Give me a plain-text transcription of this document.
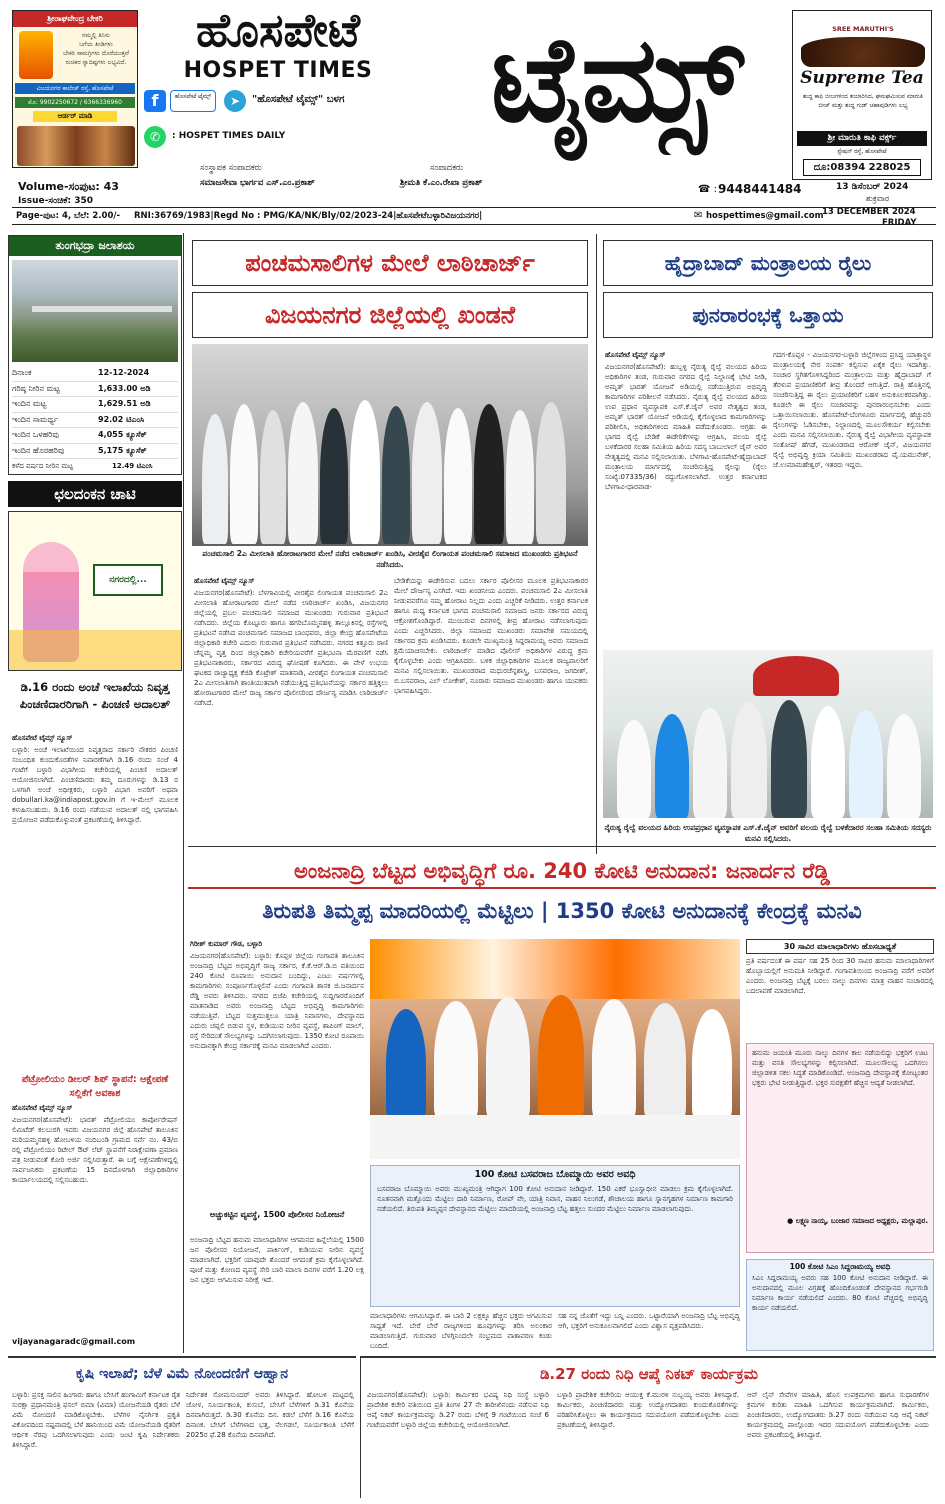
ಶ್ರೀರಾಘವೇಂದ್ರ ಬೇಕರಿ
ನಮ್ಮಲ್ಲಿ ತಿನಿಸು
ಬಗೆಯ ತಿಂಡಿಗಳು
ಬೇಕರಿ ಸಾಮಗ್ರಿಗಳು ದೊರೆಯುತ್ತವೆ
ರುಚಿಕರ ಸ್ವಾದಿಷ್ಟಗಳು ಲಭ್ಯವಿದೆ.
ವಿಜಯನಗರ ಕಾಲೇಜ್ ರಸ್ತೆ, ಹೊಸಪೇಟೆ
ಮೊ: 9902250672 / 6366336960
ಆರ್ಡರ್ ಮಾಡಿ
ಹೊಸಪೇಟೆ
HOSPET TIMES
f	ಹೊಸಪೇಟೆ ಟೈಮ್ಸ್	➤	"ಹೊಸಪೇಟೆ ಟೈಮ್ಸ್" ಬಳಗ
✆	: HOSPET TIMES DAILY	ಟೈಮ್ಸ್	SREE MARUTHI'S
Supreme Tea
ಶುದ್ಧ ಕಾಫಿ ಬೀಜಗಳಿಂದ ತಯಾರಿಸಿದ, ಘಮಘಮಿಸುವ ಮಾರುತಿ ಬೀಜ್ ಮತ್ತು ಶುದ್ಧ ಗುಡ್ ಚಹಾಪುಡಿಗಳು ಲಭ್ಯ
ಶ್ರೀ ಮಾರುತಿ ಕಾಫಿ ವರ್ಕ್ಸ್
ಸ್ಟೇಷನ್ ರಸ್ತೆ, ಹೊಸಪೇಟೆ
ದೂ:08394 228025
ಸಂಸ್ಥಾಪಕ ಸಂಪಾದಕರು
ಸಮಾಜಸೇವಾ ಭಾರ್ಗವ ಎಸ್.ಎಂ.ಪ್ರಕಾಶ್
ಸಂಪಾದಕರು
ಶ್ರೀಮತಿ ಕೆ.ಎಂ.ರೇಖಾ ಪ್ರಕಾಶ್
☎ : 9448441484
Volume-ಸಂಪುಟ: 43
Issue-ಸಂಚಿಕೆ: 350
13 ಡಿಸೆಂಬರ್ 2024
ಶುಕ್ರವಾರ
Page-ಪುಟ: 4, ಬೆಲೆ: 2.00/- RNI:36769/1983|Regd No : PMG/KA/NK/Bly/02/2023-24|ಹೊಸಪೇಟೆಬಳ್ಳಾರಿವಿಜಯನಗರ|	✉ hospettimes@gmail.com
13 DECEMBER 2024
FRIDAY
ತುಂಗಭದ್ರಾ ಜಲಾಶಯ
ದಿನಾಂಕ	12-12-2024
ಗರಿಷ್ಠ ನೀರಿನ ಮಟ್ಟ	1,633.00 ಅಡಿ
ಇಂದಿನ ಮಟ್ಟ	1,629.51 ಅಡಿ
ಇಂದಿನ ಸಾಮರ್ಥ್ಯ	92.02 ಟಿಎಂಸಿ
ಇಂದಿನ ಒಳಹರಿವು	4,055 ಕ್ಯೂಸೆಕ್
ಇಂದಿನ ಹೊರಹರಿವು	5,175 ಕ್ಯೂಸೆಕ್
ಕಳೆದ ವರ್ಷದ ನೀರಿನ ಮಟ್ಟ	12.49 ಟಿಎಂಸಿ
ಛಲದಂಕನ ಚಾಟಿ
ನಗರದಲ್ಲಿ...
ಡಿ.16 ರಂದು ಅಂಚೆ ಇಲಾಖೆಯ ನಿವೃತ್ತ ಪಿಂಚಣಿದಾರರಿಗಾಗಿ - ಪಿಂಚಣಿ ಅದಾಲತ್
ಹೊಸಪೇಟೆ ಟೈಮ್ಸ್ ನ್ಯೂಸ್
ಬಳ್ಳಾರಿ: ಅಂಚೆ ಇಲಾಖೆಯಿಂದ ನಿವೃತ್ತರಾದ ಸರ್ಕಾರಿ ನೌಕರರ ಪಿಂಚಣಿ ಸಂಬಂಧಿತ ಕುಂದುಕೊರತೆಗಳ ನಿವಾರಣೆಗಾಗಿ ಡಿ.16 ರಂದು ಸಂಜೆ 4 ಗಂಟೆಗೆ ಬಳ್ಳಾರಿ ವಿಭಾಗೀಯ ಕಚೇರಿಯಲ್ಲಿ ಪಿಂಚಣಿ ಅದಾಲತ್ ಆಯೋಜಿಸಲಾಗಿದೆ. ಪಿಂಚಣಿದಾರರು ತಮ್ಮ ದೂರುಗಳನ್ನು ಡಿ.13 ರ ಒಳಗಾಗಿ ಅಂಚೆ ಅಧೀಕ್ಷಕರು, ಬಳ್ಳಾರಿ ವಿಭಾಗ ಅವರಿಗೆ ಅಥವಾ dobullari.ka@indiapost.gov.in ಗೆ ಇ-ಮೇಲ್ ಮೂಲಕ ಕಳುಹಿಸಬಹುದು. ಡಿ.16 ರಂದು ನಡೆಯುವ ಅದಾಲತ್ ನಲ್ಲಿ ಭಾಗವಹಿಸಿ ಪ್ರಯೋಜನ ಪಡೆದುಕೊಳ್ಳುವಂತೆ ಪ್ರಕಟಣೆಯಲ್ಲಿ ತಿಳಿಸಿದ್ದಾರೆ.
ಪೆಟ್ರೋಲಿಯಂ ಡೀಲರ್ ಶಿಪ್ ಸ್ಥಾಪನೆ: ಆಕ್ಷೇಪಣೆ ಸಲ್ಲಿಕೆಗೆ ಅವಕಾಶ
ಹೊಸಪೇಟೆ ಟೈಮ್ಸ್ ನ್ಯೂಸ್
ವಿಜಯನಗರ(ಹೊಸಪೇಟೆ): ಭಾರತ್ ಪೆಟ್ರೋಲಿಯಂ ಕಾರ್ಪೋರೇಷನ್ ಲಿಮಿಟೆಡ್ ಕಲಬುರಗಿ ಇವರು ವಿಜಯನಗರ ಜಿಲ್ಲೆ ಹೊಸಪೇಟೆ ತಾಲೂಕಿನ ಮರಿಯಮ್ಮನಹಳ್ಳಿ ಹೋಬಳಿಯ ನಂದಿಬಂಡಿ ಗ್ರಾಮದ ಸರ್ವೆ ನಂ. 43/ಬಿ ರಲ್ಲಿ ಪೆಟ್ರೋಲಿಯಂ ರಿಟೇಲ್ ಔಟ್ ಲೆಟ್ ಸ್ಥಾಪನೆಗೆ ನಿರಾಕ್ಷೇಪಣಾ ಪ್ರಮಾಣ ಪತ್ರ ನೀಡುವಂತೆ ಕೋರಿ ಅರ್ಜಿ ಸಲ್ಲಿಸಿರುತ್ತಾರೆ. ಈ ಬಗ್ಗೆ ಆಕ್ಷೇಪಣೆಗಳಿದ್ದಲ್ಲಿ ಸಾರ್ವಜನಿಕರು ಪ್ರಕಟಣೆಯ 15 ದಿನದೊಳಗಾಗಿ ಜಿಲ್ಲಾಧಿಕಾರಿಗಳ ಕಾರ್ಯಾಲಯದಲ್ಲಿ ಸಲ್ಲಿಸಬಹುದು.
vijayanagaradc@gmail.com
ಪಂಚಮಸಾಲಿಗಳ ಮೇಲೆ ಲಾಠಿಚಾರ್ಜ್
ವಿಜಯನಗರ ಜಿಲ್ಲೆಯಲ್ಲಿ ಖಂಡನೆ
ಪಂಚಮಸಾಲಿ 2ಎ ಮೀಸಲಾತಿ ಹೋರಾಟಗಾರರ ಮೇಲೆ ನಡೆದ ಲಾಠಿಚಾರ್ಜ್ ಖಂಡಿಸಿ, ವೀರಶೈವ ಲಿಂಗಾಯತ ಪಂಚಮಸಾಲಿ ಸಮಾಜದ ಮುಖಂಡರು ಪ್ರತಿಭಟನೆ ನಡೆಸಿದರು.
ಹೊಸಪೇಟೆ ಟೈಮ್ಸ್ ನ್ಯೂಸ್
ವಿಜಯನಗರ(ಹೊಸಪೇಟೆ): ಬೆಳಗಾವಿಯಲ್ಲಿ ವೀರಶೈವ ಲಿಂಗಾಯತ ಪಂಚಮಸಾಲಿ 2ಎ ಮೀಸಲಾತಿ ಹೋರಾಟಗಾರರ ಮೇಲೆ ನಡೆದ ಲಾಠಿಚಾರ್ಜ್ ಖಂಡಿಸಿ, ವಿಜಯನಗರ ಜಿಲ್ಲೆಯಲ್ಲಿ ಪ್ರಬಲ ಪಂಚಮಸಾಲಿ ಸಮಾಜದ ಮುಖಂಡರು ಗುರುವಾರ ಪ್ರತಿಭಟನೆ ನಡೆಸಿದರು. ಜಿಲ್ಲೆಯ ಕೊಟ್ಟೂರು ಹಾಗೂ ಹಗರಿಬೊಮ್ಮನಹಳ್ಳಿ ತಾಲ್ಲೂಕಿನಲ್ಲಿ ರಸ್ತೆಗಳಲ್ಲಿ ಪ್ರತಿಭಟನೆ ನಡೆಸಿದ ಪಂಚಮಸಾಲಿ ಸಮಾಜದ ಬಾಂಧವರು, ಜಿಲ್ಲಾ ಕೇಂದ್ರ ಹೊಸಪೇಟೆಯ ಜಿಲ್ಲಾಧಿಕಾರಿ ಕಚೇರಿ ಎದುರು ಗುರುವಾರ ಪ್ರತಿಭಟನೆ ನಡೆಸಿದರು. ನಗರದ ಕಿತ್ತೂರು ರಾಣಿ ಚೆನ್ನಮ್ಮ ವೃತ್ತ ದಿಂದ ಜಿಲ್ಲಾಧಿಕಾರಿ ಕಚೇರಿಯವರೆಗೆ ಪ್ರತಿಭಟನಾ ಮೆರವಣಿಗೆ ನಡೆಸಿ ಪ್ರತಿಭಟನಾಕಾರರು, ಸರ್ಕಾರದ ವಿರುದ್ಧ ಘೋಷಣೆ ಕೂಗಿದರು. ಈ ವೇಳೆ ಉಭಯ ಘಟಕದ ರಾಜ್ಯಾಧ್ಯಕ್ಷ ಕೆಜಿಡಿ ಕೊಟ್ರೇಶ್ ಮಾತನಾಡಿ, ವೀರಶೈವ ಲಿಂಗಾಯತ ಪಂಚಮಸಾಲಿ 2ಎ ಮೀಸಲಾತಿಗಾಗಿ ಶಾಂತಿಯುತವಾಗಿ ನಡೆಯುತ್ತಿದ್ದ ಪ್ರತಿಭಟನೆಯನ್ನು ಸರ್ಕಾರ ಹತ್ತಿಕ್ಕಲು ಹೋರಾಟಗಾರರ ಮೇಲೆ ರಾಜ್ಯ ಸರ್ಕಾರ ಪೊಲೀಸರಿಂದ ದೌರ್ಜನ್ಯ ಮಾಡಿಸಿ ಲಾಠಿಚಾರ್ಜ್ ನಡೆಸಿದೆ.
ಬೇಡಿಕೆಯನ್ನು ಈಡೇರಿಸುವ ಬದಲು ಸರ್ಕಾರ ಪೊಲೀಸರ ಮೂಲಕ ಪ್ರತಿಭಟನಾಕಾರರ ಮೇಲೆ ದೌರ್ಜನ್ಯ ಎಸಗಿದೆ. ಇದು ಖಂಡನೀಯ ಎಂದರು. ಪಂಚಮಸಾಲಿ 2ಎ ಮೀಸಲಾತಿ ನೀಡುವವರೆಗೂ ನಮ್ಮ ಹೋರಾಟ ನಿಲ್ಲದು ಎಂದು ಎಚ್ಚರಿಕೆ ನೀಡಿದರು. ಉತ್ತರ ಕರ್ನಾಟಕ ಹಾಗೂ ಮಧ್ಯ ಕರ್ನಾಟಕ ಭಾಗದ ಪಂಚಮಸಾಲಿ ಸಮಾಜದ ಜನರು ಸರ್ಕಾರದ ವಿರುದ್ಧ ಆಕ್ರೋಶಗೊಂಡಿದ್ದಾರೆ. ಮುಂಬರುವ ದಿನಗಳಲ್ಲಿ ತೀವ್ರ ಹೋರಾಟ ನಡೆಸಲಾಗುವುದು ಎಂದು ಎಚ್ಚರಿಸಿದರು. ಜಿಲ್ಲಾ ಸಮಾಜದ ಮುಖಂಡರು ಸಮಾವೇಶ ಸಮಯದಲ್ಲಿ ಸರ್ಕಾರದ ಕ್ರಮ ಖಂಡಿಸಿದರು. ಕೂಡಲೇ ಮುಖ್ಯಮಂತ್ರಿ ಸಿದ್ದರಾಮಯ್ಯ ಅವರು ಸಮಾಜದ ಕ್ಷಮೆಯಾಚಿಸಬೇಕು. ಲಾಠಿಚಾರ್ಜ್ ಮಾಡಿದ ಪೊಲೀಸ್ ಅಧಿಕಾರಿಗಳ ವಿರುದ್ಧ ಕ್ರಮ ಕೈಗೊಳ್ಳಬೇಕು ಎಂದು ಆಗ್ರಹಿಸಿದರು. ಬಳಿಕ ಜಿಲ್ಲಾಧಿಕಾರಿಗಳ ಮೂಲಕ ರಾಜ್ಯಪಾಲರಿಗೆ ಮನವಿ ಸಲ್ಲಿಸಲಾಯಿತು. ಮುಖಂಡರಾದ ಮಧುರಚೆನ್ನಶಾಸ್ತ್ರಿ, ಬಸವರಾಜ, ಜಗದೀಶ್, ಬಿ.ಬಸವರಾಜ, ಎಲ್ ಲೋಕೇಶ್, ನೂರಾರು ಸಮಾಜದ ಮುಖಂಡರು ಹಾಗೂ ಯುವಕರು ಭಾಗವಹಿಸಿದ್ದರು.
ಹೈದ್ರಾಬಾದ್ ಮಂತ್ರಾಲಯ ರೈಲು
ಪುನರಾರಂಭಕ್ಕೆ ಒತ್ತಾಯ
ಹೊಸಪೇಟೆ ಟೈಮ್ಸ್ ನ್ಯೂಸ್
ವಿಜಯನಗರ(ಹೊಸಪೇಟೆ): ಹುಬ್ಬಳ್ಳಿ ನೈರುತ್ಯ ರೈಲ್ವೆ ವಲಯದ ಹಿರಿಯ ಅಧಿಕಾರಿಗಳ ತಂಡ, ಗುರುವಾರ ನಗರದ ರೈಲ್ವೆ ನಿಲ್ದಾಣಕ್ಕೆ ಭೇಟಿ ನೀಡಿ, ಅಮೃತ್ ಭಾರತ್ ಯೋಜನೆ ಅಡಿಯಲ್ಲಿ ನಡೆಯುತ್ತಿರುವ ಅಭಿವೃದ್ಧಿ ಕಾಮಗಾರಿಗಳ ಪರಿಶೀಲನೆ ನಡೆಸಿದರು. ನೈರುತ್ಯ ರೈಲ್ವೆ ವಲಯದ ಹಿರಿಯ ಉಪ ಪ್ರಧಾನ ವ್ಯವಸ್ಥಾಪಕ ಎಸ್.ಕೆ.ಜೈನ್ ಅವರ ನೇತೃತ್ವದ ತಂಡ, ಅಮೃತ್ ಭಾರತ್ ಯೋಜನೆ ಅಡಿಯಲ್ಲಿ ಕೈಗೊಳ್ಳಲಾದ ಕಾಮಗಾರಿಗಳನ್ನು ಪರಿಶೀಲಿಸಿ, ಅಧಿಕಾರಿಗಳಿಂದ ಮಾಹಿತಿ ಪಡೆದುಕೊಂಡರು. ಆಗ್ರಹ: ಈ ಭಾಗದ ರೈಲ್ವೆ ಬೇಡಿಕೆ ಈಡೇರಿಕೆಗಳನ್ನು ಆಗ್ರಹಿಸಿ, ವಲಯ ರೈಲ್ವೆ ಬಳಕೆದಾರರ ಸಲಹಾ ಸಮಿತಿಯ ಹಿರಿಯ ಸದಸ್ಯ ಬಾಬುಲಾಲ್ ಜೈನ್ ಅವರ ನೇತೃತ್ವದಲ್ಲಿ ಮನವಿ ಸಲ್ಲಿಸಲಾಯಿತು. ಬೆಳಗಾವಿ-ಹೊಸಪೇಟೆ-ಹೈದ್ರಾಬಾದ್ ಮಂತ್ರಾಲಯ ಮಾರ್ಗದಲ್ಲಿ ಸಂಚರಿಸುತ್ತಿದ್ದ ರೈಲನ್ನು (ರೈಲು ಸಂಖ್ಯೆ:07335/36) ರದ್ದುಗೊಳಿಸಲಾಗಿದೆ. ಉತ್ತರ ಕರ್ನಾಟಕದ ಬೆಳಗಾವಿ-ಧಾರವಾಡ-
ಗದಗ-ಕೊಪ್ಪಳ - ವಿಜಯನಗರ-ಬಳ್ಳಾರಿ ಜಿಲ್ಲೆಗಳಿಂದ ಪ್ರಸಿದ್ಧ ಯಾತ್ರಾಸ್ಥಳ ಮಂತ್ರಾಲಯಕ್ಕೆ ನೇರ ಸಂಪರ್ಕ ಕಲ್ಪಿಸುವ ಏಕೈಕ ರೈಲು ಇದಾಗಿತ್ತು. ಸಂಚಾರ ಸ್ಥಗಿತಗೊಳಿಸಿದ್ದರಿಂದ ಮಂತ್ರಾಲಯ ಮತ್ತು ಹೈದ್ರಾಬಾದ್ ಗೆ ತೆರಳುವ ಪ್ರಯಾಣಿಕರಿಗೆ ತೀವ್ರ ತೊಂದರೆ ಆಗುತ್ತಿದೆ. ರಾತ್ರಿ ಹೊತ್ತಿನಲ್ಲಿ ಸಂಚರಿಸುತ್ತಿದ್ದ ಈ ರೈಲು ಪ್ರಯಾಣಿಕರಿಗೆ ಬಹಳ ಅನುಕೂಲಕರವಾಗಿತ್ತು. ಕೂಡಲೇ ಈ ರೈಲು ಸಂಚಾರವನ್ನು ಪುನರಾರಂಭಿಸಬೇಕು ಎಂದು ಒತ್ತಾಯಿಸಲಾಯಿತು. ಹೊಸಪೇಟೆ-ಬೆಂಗಳೂರು ಮಾರ್ಗದಲ್ಲಿ ಹೆಚ್ಚುವರಿ ರೈಲುಗಳನ್ನು ಓಡಿಸಬೇಕು, ನಿಲ್ದಾಣದಲ್ಲಿ ಮೂಲಸೌಕರ್ಯ ಕಲ್ಪಿಸಬೇಕು ಎಂದು ಮನವಿ ಸಲ್ಲಿಸಲಾಯಿತು. ನೈರುತ್ಯ ರೈಲ್ವೆ ವಿಭಾಗೀಯ ವ್ಯವಸ್ಥಾಪಕ ಸಂತೋಷ್ ಹೆಗಡೆ, ಮುಖಂಡರಾದ ಆರೋಕ್ ಜೈನ್, ವಿಜಯನಗರ ರೈಲ್ವೆ ಅಭಿವೃದ್ಧಿ ಕ್ರಿಯಾ ಸಮಿತಿಯ ಮುಖಂಡರಾದ ವೈ.ಯಮುನೇಶ್, ಜೆ.ಉಮಾಮಹೇಶ್ವರ್, ಇತರರು ಇದ್ದರು.
ನೈರುತ್ಯ ರೈಲ್ವೆ ವಲಯದ ಹಿರಿಯ ಉಪಪ್ರಧಾನ ವ್ಯವಸ್ಥಾಪಕ ಎಸ್.ಕೆ.ಜೈನ್ ಅವರಿಗೆ ವಲಯ ರೈಲ್ವೆ ಬಳಕೆದಾರರ ಸಲಹಾ ಸಮಿತಿಯ ಸದಸ್ಯರು ಮನವಿ ಸಲ್ಲಿಸಿದರು.
ಅಂಜನಾದ್ರಿ ಬೆಟ್ಟದ ಅಭಿವೃದ್ಧಿಗೆ ರೂ. 240 ಕೋಟಿ ಅನುದಾನ: ಜನಾರ್ದನ ರೆಡ್ಡಿ
ತಿರುಪತಿ ತಿಮ್ಮಪ್ಪ ಮಾದರಿಯಲ್ಲಿ ಮೆಟ್ಟಿಲು | 1350 ಕೋಟಿ ಅನುದಾನಕ್ಕೆ ಕೇಂದ್ರಕ್ಕೆ ಮನವಿ
ಗಿರೀಶ್ ಕುಮಾರ್ ಗೌಡ, ಬಳ್ಳಾರಿ
ವಿಜಯನಗರ(ಹೊಸಪೇಟೆ): ಬಳ್ಳಾರಿ: ಕೊಪ್ಪಳ ಜಿಲ್ಲೆಯ ಗಂಗಾವತಿ ತಾಲೂಕಿನ ಅಂಜನಾದ್ರಿ ಬೆಟ್ಟದ ಅಭಿವೃದ್ಧಿಗೆ ರಾಜ್ಯ ಸರ್ಕಾರ, ಕೆ.ಕೆ.ಆರ್.ಡಿ.ಬಿ ವತಿಯಿಂದ 240 ಕೋಟಿ ರೂಪಾಯಿ ಅನುದಾನ ಬಂದಿದ್ದು, ಎಂಟು ವರ್ಷಗಳಲ್ಲಿ ಕಾಮಗಾರಿಗಳು ಸಂಪೂರ್ಣಗೊಳ್ಳಲಿವೆ ಎಂದು ಗಂಗಾವತಿ ಶಾಸಕ ಜಿ.ಜನಾರ್ದನ ರೆಡ್ಡಿ ಅವರು ತಿಳಿಸಿದರು. ನಗರದ ಬಿಜೆಪಿ ಕಚೇರಿಯಲ್ಲಿ ಸುದ್ದಿಗಾರರೊಂದಿಗೆ ಮಾತನಾಡಿದ ಅವರು ಅಂಜನಾದ್ರಿ ಬೆಟ್ಟದ ಅಭಿವೃದ್ಧಿ ಕಾಮಗಾರಿಗಳು ನಡೆಯುತ್ತಿವೆ. ಬೆಟ್ಟದ ಸುತ್ತಮುತ್ತಲೂ ಯಾತ್ರಿ ನಿವಾಸಗಳು, ದೇವಸ್ಥಾನದ ಎದುರು ಚಪ್ಪಲಿ ಬಿಡುವ ಸ್ಥಳ, ಕುಡಿಯುವ ನೀರಿನ ವ್ಯವಸ್ಥೆ, ಶಾಪಿಂಗ್ ಮಾಲ್, ರಸ್ತೆ ಸೇರಿದಂತೆ ಸೌಲಭ್ಯಗಳನ್ನು ಒದಗಿಸಲಾಗುವುದು. 1350 ಕೋಟಿ ರೂಪಾಯಿ ಅನುದಾನಕ್ಕಾಗಿ ಕೇಂದ್ರ ಸರ್ಕಾರಕ್ಕೆ ಮನವಿ ಮಾಡಲಾಗಿದೆ ಎಂದರು.
ಅಚ್ಚುಕಟ್ಟಿನ ವ್ಯವಸ್ಥೆ, 1500 ಪೊಲೀಸರ ನಿಯೋಜನೆ
ಅಂಜನಾದ್ರಿ ಬೆಟ್ಟದ ಹನುಮ ಮಾಲಾಧಾರಿಗಳ ಆಗಮನದ ಹಿನ್ನೆಲೆಯಲ್ಲಿ 1500 ಜನ ಪೊಲೀಸರ ನಿಯೋಜನೆ, ಪಾರ್ಕಿಂಗ್, ಕುಡಿಯುವ ನೀರಿನ ವ್ಯವಸ್ಥೆ ಮಾಡಲಾಗಿದೆ. ಭಕ್ತರಿಗೆ ಯಾವುದೇ ತೊಂದರೆ ಆಗದಂತೆ ಕ್ರಮ ಕೈಗೊಳ್ಳಲಾಗಿದೆ. ಪೂಜೆ ಮತ್ತು ಕೋಣದ ವ್ಯವಸ್ಥೆ ಸೇರಿ ಬಾರಿ ಮಾಲಾ ದಿನಗಳ ವರೆಗೆ 1.20 ಲಕ್ಷ ಜನ ಭಕ್ತರು ಆಗಮಿಸುವ ನಿರೀಕ್ಷೆ ಇದೆ.
100 ಕೋಟಿ ಬಸವರಾಜ ಬೊಮ್ಮಾಯಿ ಅವರ ಅವಧಿ
ಬಸವರಾಜ ಬೊಮ್ಮಾಯಿ ಅವರು ಮುಖ್ಯಮಂತ್ರಿ ಆಗಿದ್ದಾಗ 100 ಕೋಟಿ ಅನುದಾನ ನೀಡಿದ್ದಾರೆ. 150 ಎಕರೆ ಭೂಸ್ವಾಧೀನ ಮಾಡಲು ಕ್ರಮ ಕೈಗೊಳ್ಳಲಾಗಿದೆ. ನೂತನವಾಗಿ ಮತ್ತೊಂದು ಮೆಟ್ಟಿಲು ದಾರಿ ನಿರ್ಮಾಣ, ರೋಪ್ ವೇ, ಯಾತ್ರಿ ನಿವಾಸ, ವಾಹನ ನಿಲುಗಡೆ, ಶೌಚಾಲಯ ಹಾಗೂ ಸ್ನಾನಗೃಹಗಳ ನಿರ್ಮಾಣ ಕಾಮಗಾರಿ ನಡೆಯಲಿದೆ. ತಿರುಪತಿ ತಿಮ್ಮಪ್ಪನ ದೇವಸ್ಥಾನದ ಮೆಟ್ಟಿಲು ಮಾದರಿಯಲ್ಲಿ ಅಂಜನಾದ್ರಿ ಬೆಟ್ಟ ಹತ್ತಲು ಸುಂದರ ಮೆಟ್ಟಿಲು ನಿರ್ಮಾಣ ಮಾಡಲಾಗುವುದು.
ಮಾಲಾಧಾರಿಗಳು ಆಗಮಿಸಿದ್ದಾರೆ. ಈ ಬಾರಿ 2 ಲಕ್ಷಕ್ಕೂ ಹೆಚ್ಚಿನ ಭಕ್ತರು ಆಗಮಿಸುವ ಸಾಧ್ಯತೆ ಇದೆ. ಬೇರೆ ಬೇರೆ ರಾಜ್ಯಗಳಿಂದ ಹೂವುಗಳನ್ನು ತರಿಸಿ ಅಲಂಕಾರ ಮಾಡಲಾಗುತ್ತಿದೆ. ಗುರುವಾರ ಬೆಳಗ್ಗಿನಿಂದಲೇ ಸಂಭ್ರಮದ ವಾತಾವರಣ ಕಂಡು ಬಂದಿದೆ.
ಸಹ ನನ್ನ ಜೊತೆಗೆ ಇದ್ದು ಬನ್ನಿ ಎಂದರು. ಒಟ್ಟಾರೆಯಾಗಿ ಅಂಜನಾದ್ರಿ ಬೆಟ್ಟ ಅಭಿವೃದ್ಧಿ ಆಗಿ, ಭಕ್ತರಿಗೆ ಅನುಕೂಲವಾಗಲಿದೆ ಎಂದು ವಿಶ್ವಾಸ ವ್ಯಕ್ತಪಡಿಸಿದರು.
30 ಸಾವಿರ ಮಾಲಾಧಾರಿಗಳು ಹೊಸಬಾಧ್ಯತೆ
ಪ್ರತಿ ವರ್ಷದಂತೆ ಈ ವರ್ಷ ಸಹ 25 ರಿಂದ 30 ಸಾವಿರ ಹನುಮ ಮಾಲಾಧಾರಿಗಳಿಗೆ ಹೊಬ್ಬಾಯಲ್ಲಿಗೆ ಅನುಮತಿ ನೀಡಿದ್ದಾರೆ. ಗಂಗಾವತಿಯಿಂದ ಅಂಜನಾದ್ರಿ ವರೆಗೆ ಅವರಿಗೆ ಎಂದರು. ಅಂಜನಾದ್ರಿ ಬೆಟ್ಟಕ್ಕೆ ಬರಲು ನಾಲ್ಕು ದಿನಗಳು ಮಾತ್ರ ವಾಹನ ಸಂಚಾರದಲ್ಲಿ ಬದಲಾವಣೆ ಮಾಡಲಾಗಿದೆ.
ಹನುಮ ಜಯಂತಿ ಮೂರು ನಾಲ್ಕು ದಿನಗಳ ಕಾಲ ನಡೆಯಲಿದ್ದು ಭಕ್ತರಿಗೆ ಊಟ ಮತ್ತು ವಸತಿ ಸೌಲಭ್ಯಗಳನ್ನು ಕಲ್ಪಿಸಲಾಗಿದೆ. ಮೂಲಸೌಲಭ್ಯ ಒದಗಿಸಲು ಜಿಲ್ಲಾಡಳಿತ ಸಕಲ ಸಿದ್ಧತೆ ಮಾಡಿಕೊಂಡಿದೆ. ಅಂಜನಾದ್ರಿ ದೇವಸ್ಥಾನಕ್ಕೆ ಕೋಟ್ಯಂತರ ಭಕ್ತರು ಭೇಟಿ ನೀಡುತ್ತಿದ್ದಾರೆ. ಭಕ್ತರ ಸುರಕ್ಷತೆಗೆ ಹೆಚ್ಚಿನ ಆದ್ಯತೆ ನೀಡಲಾಗಿದೆ.
● ಲಕ್ಷ್ಮಣ ನಾಯ್ಕ, ಬಂಜಾರ ಸಮಾಜದ ಅಧ್ಯಕ್ಷರು, ಮಲ್ಲಾಪುರ.
100 ಕೋಟಿ ಸಿಎಂ ಸಿದ್ದರಾಮಯ್ಯ ಅವಧಿ
ಸಿಎಂ ಸಿದ್ದರಾಮಯ್ಯ ಅವರು ಸಹ 100 ಕೋಟಿ ಅನುದಾನ ನೀಡಿದ್ದಾರೆ. ಈ ಅನುದಾನದಲ್ಲಿ ಮೂಲ ವಿಗ್ರಹಕ್ಕೆ ಹೊಂದಿಕೊಂಡಂತೆ ದೇವಸ್ಥಾನದ ಗರ್ಭಗುಡಿ ನಿರ್ಮಾಣ ಕಾರ್ಯ ನಡೆಯಲಿದೆ ಎಂದರು. 80 ಕೋಟಿ ವೆಚ್ಚದಲ್ಲಿ ಅಭಿವೃದ್ಧಿ ಕಾರ್ಯ ನಡೆಯಲಿದೆ.
ಕೃಷಿ ಇಲಾಖೆ; ಬೆಳೆ ವಿಮೆ ನೋಂದಣಿಗೆ ಆಹ್ವಾನ
ಬಳ್ಳಾರಿ: ಪ್ರಸಕ್ತ ಸಾಲಿನ ಹಿಂಗಾರು ಹಾಗೂ ಬೇಸಿಗೆ ಹಂಗಾಮಿಗೆ ಕರ್ನಾಟಕ ರೈತ ಸುರಕ್ಷಾ ಪ್ರಧಾನಮಂತ್ರಿ ಫಸಲ್ ಬಿಮಾ (ವಿಮಾ) ಯೋಜನೆಯಡಿ ರೈತರು ಬೆಳೆ ವಿಮೆ ನೋಂದಣಿ ಮಾಡಿಕೊಳ್ಳಬೇಕು. ಬೆಳೆಗಳ ನೈಸರ್ಗಿಕ ಪ್ರಕೃತಿ ವಿಕೋಪದಿಂದ ನಷ್ಟವಾದಲ್ಲಿ ಬೆಳೆ ಹಾನಿಯಿಂದ ವಿಮೆ ಯೋಜನೆಯಡಿ ರೈತರಿಗೆ ಆರ್ಥಿಕ ನೆರವು ಒದಗಿಸಲಾಗುವುದು ಎಂದು ಜಂಟಿ ಕೃಷಿ ನಿರ್ದೇಶಕರು ತಿಳಿಸಿದ್ದಾರೆ.
ನಿರ್ದೇಶಕ ಸೋಮಸುಂದರ್ ಅವರು ತಿಳಿಸಿದ್ದಾರೆ. ಹೋಬಳಿ ಮಟ್ಟದಲ್ಲಿ ಜೋಳ, ಸೂರ್ಯಕಾಂತಿ, ಕುಸುಬೆ, ಬೇಸಿಗೆ ಬೆಳೆಗಳಿಗೆ ಡಿ.31 ಕೊನೆಯ ದಿನವಾಗಿರುತ್ತದೆ. ಡಿ.30 ಕೊನೆಯ ದಿನ. ಕಡಲೆ ಬೆಳೆಗೆ ಡಿ.16 ಕೊನೆಯ ದಿನಾಂಕ. ಬೇಸಿಗೆ ಬೆಳೆಗಳಾದ ಭತ್ತ, ನೆಲಗಡಲೆ, ಸೂರ್ಯಕಾಂತಿ ಬೆಳೆಗೆ 2025ರ ಫೆ.28 ಕೊನೆಯ ದಿನವಾಗಿದೆ.
ಡಿ.27 ರಂದು ನಿಧಿ ಆಪ್ಕೆ ನಿಕಟ್ ಕಾರ್ಯಕ್ರಮ
ವಿಜಯನಗರ(ಹೊಸಪೇಟೆ): ಬಳ್ಳಾರಿ: ಕಾರ್ಮಿಕರ ಭವಿಷ್ಯ ನಿಧಿ ಸಂಸ್ಥೆ ಬಳ್ಳಾರಿ ಪ್ರಾದೇಶಿಕ ಕಚೇರಿ ವತಿಯಿಂದ ಪ್ರತಿ ತಿಂಗಳ 27 ನೇ ತಾರೀಖಿನಂದು ನಡೆಸುವ ನಿಧಿ ಆಪ್ಕೆ ನಿಕಟ್ ಕಾರ್ಯಕ್ರಮವನ್ನು ಡಿ.27 ರಂದು ಬೆಳಿಗ್ಗೆ 9 ಗಂಟೆಯಿಂದ ಸಂಜೆ 6 ಗಂಟೆಯವರೆಗೆ ಬಳ್ಳಾರಿ ಜಿಲ್ಲೆಯ ಕಚೇರಿಯಲ್ಲಿ ಆಯೋಜಿಸಲಾಗಿದೆ.
ಬಳ್ಳಾರಿ ಪ್ರಾದೇಶಿಕ ಕಚೇರಿಯ ಆಯುಕ್ತ ಕೆ.ಮುರಳಿ ಸುಬ್ಬಯ್ಯ ಅವರು ತಿಳಿಸಿದ್ದಾರೆ. ಕಾರ್ಮಿಕರು, ಪಿಂಚಣಿದಾರರು ಮತ್ತು ಉದ್ಯೋಗದಾತರು ಕುಂದುಕೊರತೆಗಳನ್ನು ಪರಿಹರಿಸಿಕೊಳ್ಳಲು ಈ ಕಾರ್ಯಕ್ರಮದ ಸದುಪಯೋಗ ಪಡೆದುಕೊಳ್ಳಬೇಕು ಎಂದು ಪ್ರಕಟಣೆಯಲ್ಲಿ ತಿಳಿಸಿದ್ದಾರೆ.
ಆನ್ ಲೈನ್ ಸೇವೆಗಳ ಮಾಹಿತಿ, ಹೊಸ ಉಪಕ್ರಮಗಳು ಹಾಗೂ ಸುಧಾರಣೆಗಳ ಕ್ರಮಗಳ ಕುರಿತು ಮಾಹಿತಿ ಒದಗಿಸುವ ಕಾರ್ಯಕ್ರಮವಾಗಿದೆ. ಕಾರ್ಮಿಕರು, ಪಿಂಚಣಿದಾರರು, ಉದ್ಯೋಗದಾತರು ಡಿ.27 ರಂದು ನಡೆಯುವ ನಿಧಿ ಆಪ್ಕೆ ನಿಕಟ್ ಕಾರ್ಯಕ್ರಮದಲ್ಲಿ ಪಾಲ್ಗೊಂಡು ಇದರ ಸದುಪಯೋಗ ಪಡೆದುಕೊಳ್ಳಬೇಕು ಎಂದು ಅವರು ಪ್ರಕಟಣೆಯಲ್ಲಿ ತಿಳಿಸಿದ್ದಾರೆ.
